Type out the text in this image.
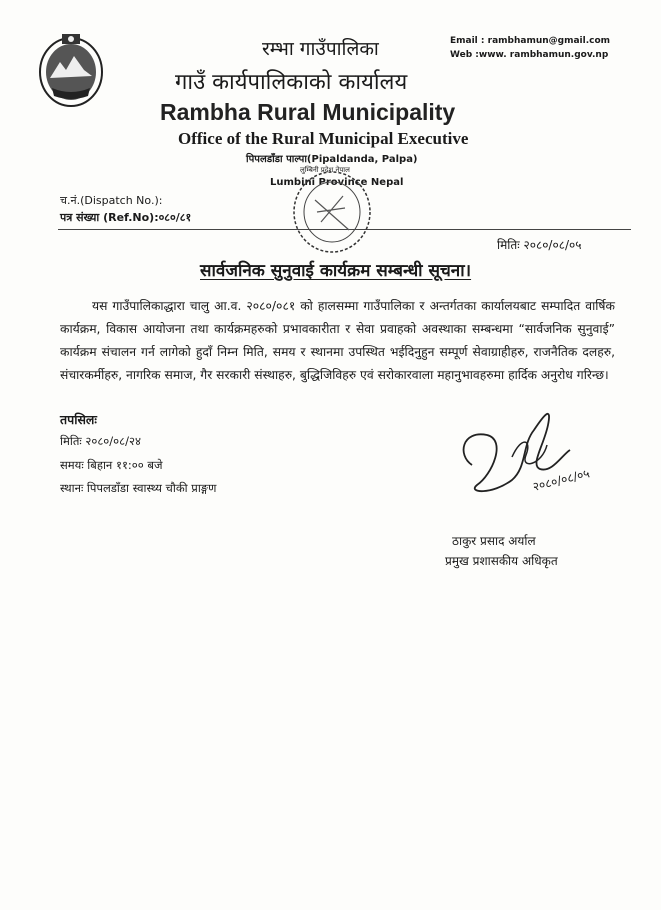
रम्भा गाउँपालिका
गाउँ कार्यपालिकाको कार्यालय
Rambha Rural Municipality
Office of the Rural Municipal Executive
पिपलडाँडा पाल्पा(Pipaldanda, Palpa)
लुम्बिनी प्रदेश नेपाल
Lumbini Province Nepal
Email : rambhamun@gmail.com
Web :www. rambhamun.gov.np
च.नं.(Dispatch No.):
पत्र संख्या (Ref.No):०८०/८१
मितिः २०८०/०८/०५
सार्वजनिक सुनुवाई कार्यक्रम सम्बन्धी सूचना।
यस गाउँपालिकाद्धारा चालु आ.व. २०८०/०८१ को हालसम्मा गाउँपालिका र अन्तर्गतका कार्यालयबाट सम्पादित वार्षिक कार्यक्रम, विकास आयोजना तथा कार्यक्रमहरुको प्रभावकारीता र सेवा प्रवाहको अवस्थाका सम्बन्धमा “सार्वजनिक सुनुवाई” कार्यक्रम संचालन गर्न लागेको हुदाँ निम्न मिति, समय र स्थानमा उपस्थित भईदिनुहुन सम्पूर्ण सेवाग्राहीहरु, राजनैतिक दलहरु, संचारकर्मीहरु, नागरिक समाज, गैर सरकारी संस्थाहरु, बुद्धिजिविहरु एवं सरोकारवाला महानुभावहरुमा हार्दिक अनुरोध गरिन्छ।
तपसिलः
मितिः २०८०/०८/२४
समयः बिहान ११:०० बजे
स्थानः पिपलडाँडा स्वास्थ्य चौकी प्राङ्गण	२०८०/०८/०५
ठाकुर प्रसाद अर्याल
प्रमुख प्रशासकीय अधिकृत
